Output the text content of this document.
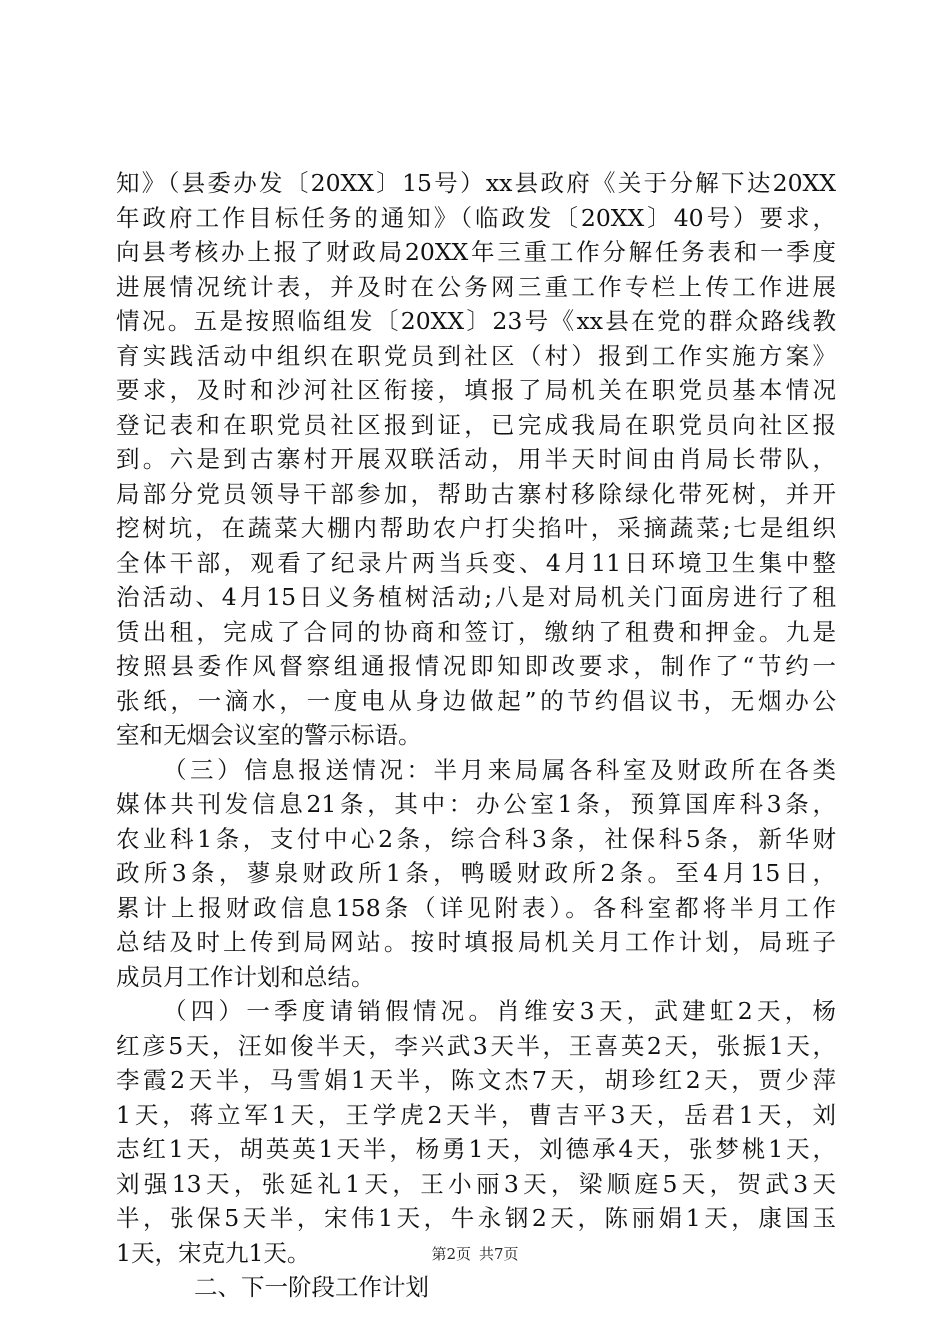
知》（县委办发〔20XX〕15号）xx县政府《关于分解下达20XX
年政府工作目标任务的通知》（临政发〔20XX〕40号）要求，
向县考核办上报了财政局20XX年三重工作分解任务表和一季度
进展情况统计表，并及时在公务网三重工作专栏上传工作进展
情况。五是按照临组发〔20XX〕23号《xx县在党的群众路线教
育实践活动中组织在职党员到社区（村）报到工作实施方案》
要求，及时和沙河社区衔接，填报了局机关在职党员基本情况
登记表和在职党员社区报到证，已完成我局在职党员向社区报
到。六是到古寨村开展双联活动，用半天时间由肖局长带队，
局部分党员领导干部参加，帮助古寨村移除绿化带死树，并开
挖树坑，在蔬菜大棚内帮助农户打尖掐叶，采摘蔬菜;七是组织
全体干部，观看了纪录片两当兵变、4月11日环境卫生集中整
治活动、4月15日义务植树活动;八是对局机关门面房进行了租
赁出租，完成了合同的协商和签订，缴纳了租费和押金。九是
按照县委作风督察组通报情况即知即改要求，制作了“节约一
张纸，一滴水，一度电从身边做起”的节约倡议书，无烟办公
室和无烟会议室的警示标语。
（三）信息报送情况：半月来局属各科室及财政所在各类
媒体共刊发信息21条，其中：办公室1条，预算国库科3条，
农业科1条，支付中心2条，综合科3条，社保科5条，新华财
政所3条，蓼泉财政所1条，鸭暖财政所2条。至4月15日，
累计上报财政信息158条（详见附表）。各科室都将半月工作
总结及时上传到局网站。按时填报局机关月工作计划，局班子
成员月工作计划和总结。
（四）一季度请销假情况。肖维安3天，武建虹2天，杨
红彦5天，汪如俊半天，李兴武3天半，王喜英2天，张振1天，
李霞2天半，马雪娟1天半，陈文杰7天，胡珍红2天，贾少萍
1天，蒋立军1天，王学虎2天半，曹吉平3天，岳君1天，刘
志红1天，胡英英1天半，杨勇1天，刘德承4天，张梦桃1天，
刘强13天，张延礼1天，王小丽3天，梁顺庭5天，贺武3天
半，张保5天半，宋伟1天，牛永钢2天，陈丽娟1天，康国玉
1天，宋克九1天。
二、下一阶段工作计划
第2页 共7页
